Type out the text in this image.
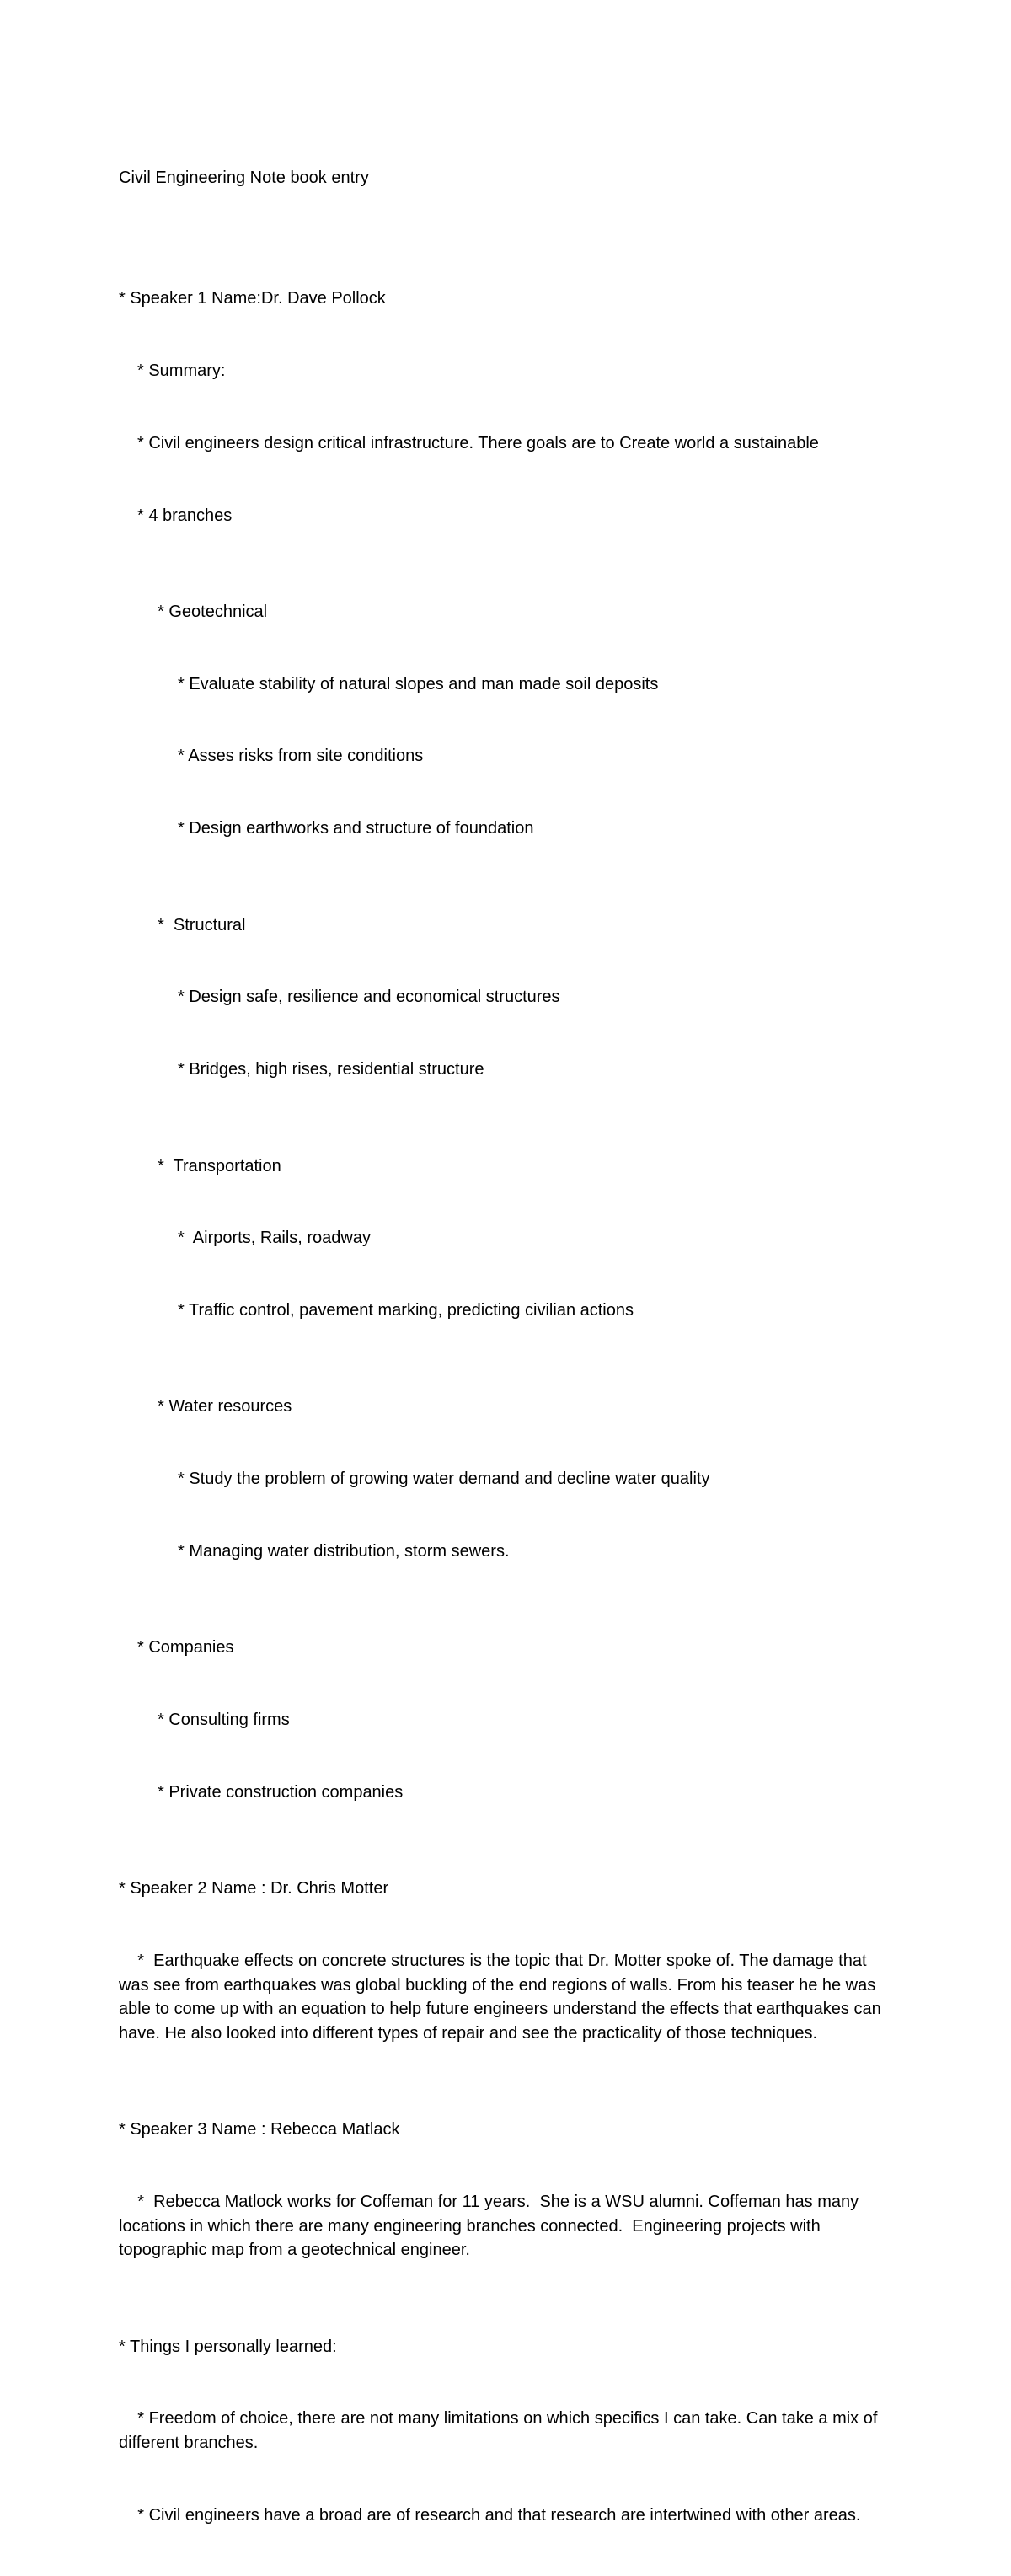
Civil Engineering Note book entry

* Speaker 1 Name:Dr. Dave Pollock

* Summary:

* Civil engineers design critical infrastructure. There goals are to Create world a sustainable

* 4 branches

* Geotechnical

* Evaluate stability of natural slopes and man made soil deposits

* Asses risks from site conditions

* Design earthworks and structure of foundation

*  Structural

* Design safe, resilience and economical structures

* Bridges, high rises, residential structure

*  Transportation

*  Airports, Rails, roadway

* Traffic control, pavement marking, predicting civilian actions

* Water resources

* Study the problem of growing water demand and decline water quality

* Managing water distribution, storm sewers.

* Companies

* Consulting firms

* Private construction companies

* Speaker 2 Name : Dr. Chris Motter

*  Earthquake effects on concrete structures is the topic that Dr. Motter spoke of. The damage that was see from earthquakes was global buckling of the end regions of walls. From his teaser he he was able to come up with an equation to help future engineers understand the effects that earthquakes can have. He also looked into different types of repair and see the practicality of those techniques.

* Speaker 3 Name : Rebecca Matlack

*  Rebecca Matlock works for Coffeman for 11 years.  She is a WSU alumni. Coffeman has many locations in which there are many engineering branches connected.  Engineering projects with topographic map from a geotechnical engineer.

* Things I personally learned:

* Freedom of choice, there are not many limitations on which specifics I can take. Can take a mix of different branches.

* Civil engineers have a broad are of research and that research are intertwined with other areas.
